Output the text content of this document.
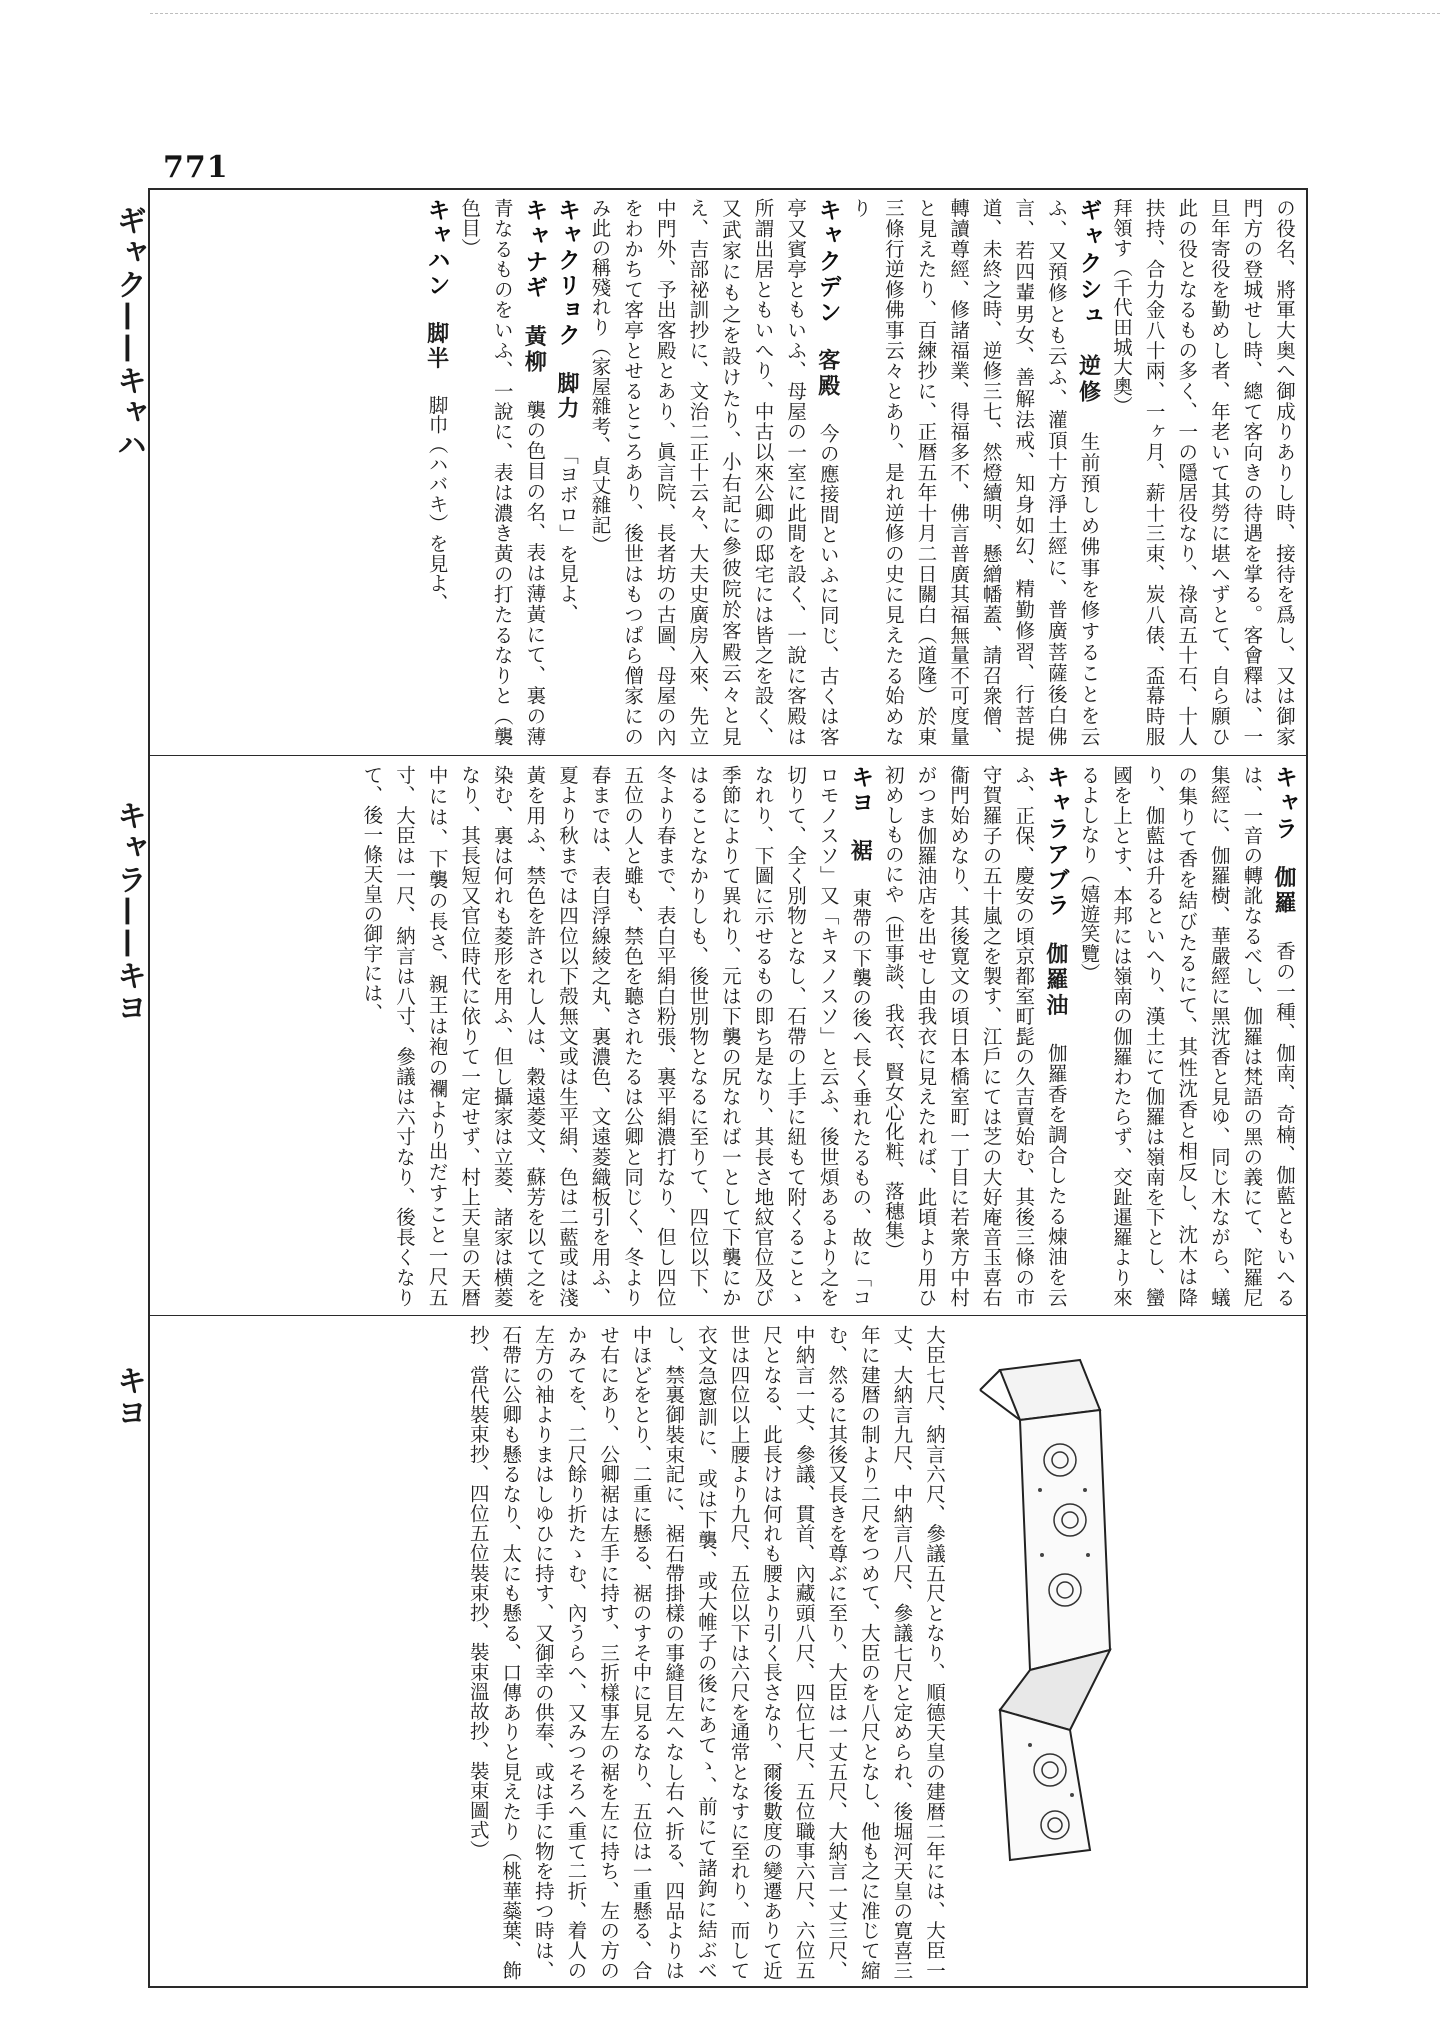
771
ギャク——キャハ
キャラ——キヨ
キヨ

の役名、將軍大奥へ御成りありし時、接待を爲し、又は御家門方の登城せし時、總て客向きの待遇を掌る。客會釋は、一旦年寄役を勤めし者、年老いて其勞に堪へずとて、自ら願ひ此の役となるもの多く、一の隱居役なり、祿高五十石、十人扶持、合力金八十兩、一ヶ月、薪十三束、炭八俵、盃幕時服拜領す（千代田城大奧）

ギャクシュ逆修生前預しめ佛事を修することを云ふ、又預修とも云ふ、灌頂十方淨土經に、普廣菩薩後白佛言、若四輩男女、善解法戒、知身如幻、精勤修習、行菩提道、未終之時、逆修三七、然燈續明、懸繒幡蓋、請召衆僧、轉讀尊經、修諸福業、得福多不、佛言普廣其福無量不可度量と見えたり、百練抄に、正暦五年十月二日關白（道隆）於東三條行逆修佛事云々とあり、是れ逆修の史に見えたる始めなり

キャクデン客殿今の應接間といふに同じ、古くは客亭又賓亭ともいふ、母屋の一室に此間を設く、一說に客殿は所謂出居ともいへり、中古以來公卿の邸宅には皆之を設く、又武家にも之を設けたり、小右記に參彼院於客殿云々と見え、吉部祕訓抄に、文治二正十云々、大夫史廣房入來、先立中門外、予出客殿とあり、眞言院、長者坊の古圖、母屋の內をわかちて客亭とせるところあり、後世はもつぱら僧家にのみ此の稱殘れり（家屋雜考、貞丈雜記）

キャクリョク脚力「ヨボロ」を見よ、

キャナギ黃柳襲の色目の名、表は薄黃にて、裏の薄青なるものをいふ、一說に、表は濃き黃の打たるなりと（襲色目）

キャハン脚半脚巾（ハバキ）を見よ、

キャラ伽羅香の一種、伽南、奇楠、伽藍ともいへるは、一音の轉訛なるべし、伽羅は梵語の黑の義にて、陀羅尼集經に、伽羅樹、華嚴經に黑沈香と見ゆ、同じ木ながら、蟻の集りて香を結びたるにて、其性沈香と相反し、沈木は降り、伽藍は升るといへり、漢土にて伽羅は嶺南を下とし、蠻國を上とす、本邦には嶺南の伽羅わたらず、交趾暹羅より來るよしなり（嬉遊笑覽）

キャラアブラ伽羅油伽羅香を調合したる煉油を云ふ、正保、慶安の頃京都室町髭の久吉賣始む、其後三條の市守賀羅子の五十嵐之を製す、江戶にては芝の大好庵音玉喜右衞門始めなり、其後寛文の頃日本橋室町一丁目に若衆方中村がつま伽羅油店を出せし由我衣に見えたれば、此頃より用ひ初めしものにや（世事談、我衣、賢女心化粧、落穗集）

キヨ裾東帶の下襲の後へ長く垂れたるもの、故に「コロモノスソ」又「キヌノスソ」と云ふ、後世煩あるより之を切りて、全く別物となし、石帶の上手に紐もて附くることゝなれり、下圖に示せるもの即ち是なり、其長さ地紋官位及び季節によりて異れり、元は下襲の尻なれば一として下襲にかはることなかりしも、後世別物となるに至りて、四位以下、冬より春まで、表白平絹白粉張、裏平絹濃打なり、但し四位五位の人と雖も、禁色を聽されたるは公卿と同じく、冬より春までは、表白浮線綾之丸、裏濃色、文遠菱織板引を用ふ、夏より秋までは四位以下殻無文或は生平絹、色は二藍或は淺黃を用ふ、禁色を許されし人は、穀遠菱文、蘇芳を以て之を染む、裏は何れも菱形を用ふ、但し攝家は立菱、諸家は横菱なり、其長短又官位時代に依りて一定せず、村上天皇の天暦中には、下襲の長さ、親王は袍の襴より出だすこと一尺五寸、大臣は一尺、納言は八寸、參議は六寸なり、後長くなりて、後一條天皇の御宇には、

大臣七尺、納言六尺、參議五尺となり、順德天皇の建暦二年には、大臣一丈、大納言九尺、中納言八尺、參議七尺と定められ、後堀河天皇の寛喜三年に建暦の制より二尺をつめて、大臣のを八尺となし、他も之に准じて縮む、然るに其後又長きを尊ぶに至り、大臣は一丈五尺、大納言一丈三尺、中納言一丈、參議、貫首、內藏頭八尺、四位七尺、五位職事六尺、六位五尺となる、此長けは何れも腰より引く長さなり、爾後數度の變遷ありて近世は四位以上腰より九尺、五位以下は六尺を通常となすに至れり、而して衣文急窻訓に、或は下襲、或大帷子の後にあてゝ、前にて諸鉤に結ぶべし、禁裏御裝束記に、裾石帶掛樣の事縫目左へなし右へ折る、四品よりは中ほどをとり、二重に懸る、裾のすそ中に見るなり、五位は一重懸る、合せ右にあり、公卿裾は左手に持す、三折樣事左の裾を左に持ち、左の方のかみてを、二尺餘り折たゝむ、內うらへ、又みつそろへ重て二折、着人の左方の袖よりまはしゆひに持す、又御幸の供奉、或は手に物を持つ時は、石帶に公卿も懸るなり、太にも懸る、口傳ありと見えたり（桃華蘂葉、飾抄、當代裝束抄、四位五位裝束抄、裝束溫故抄、裝束圖式）
